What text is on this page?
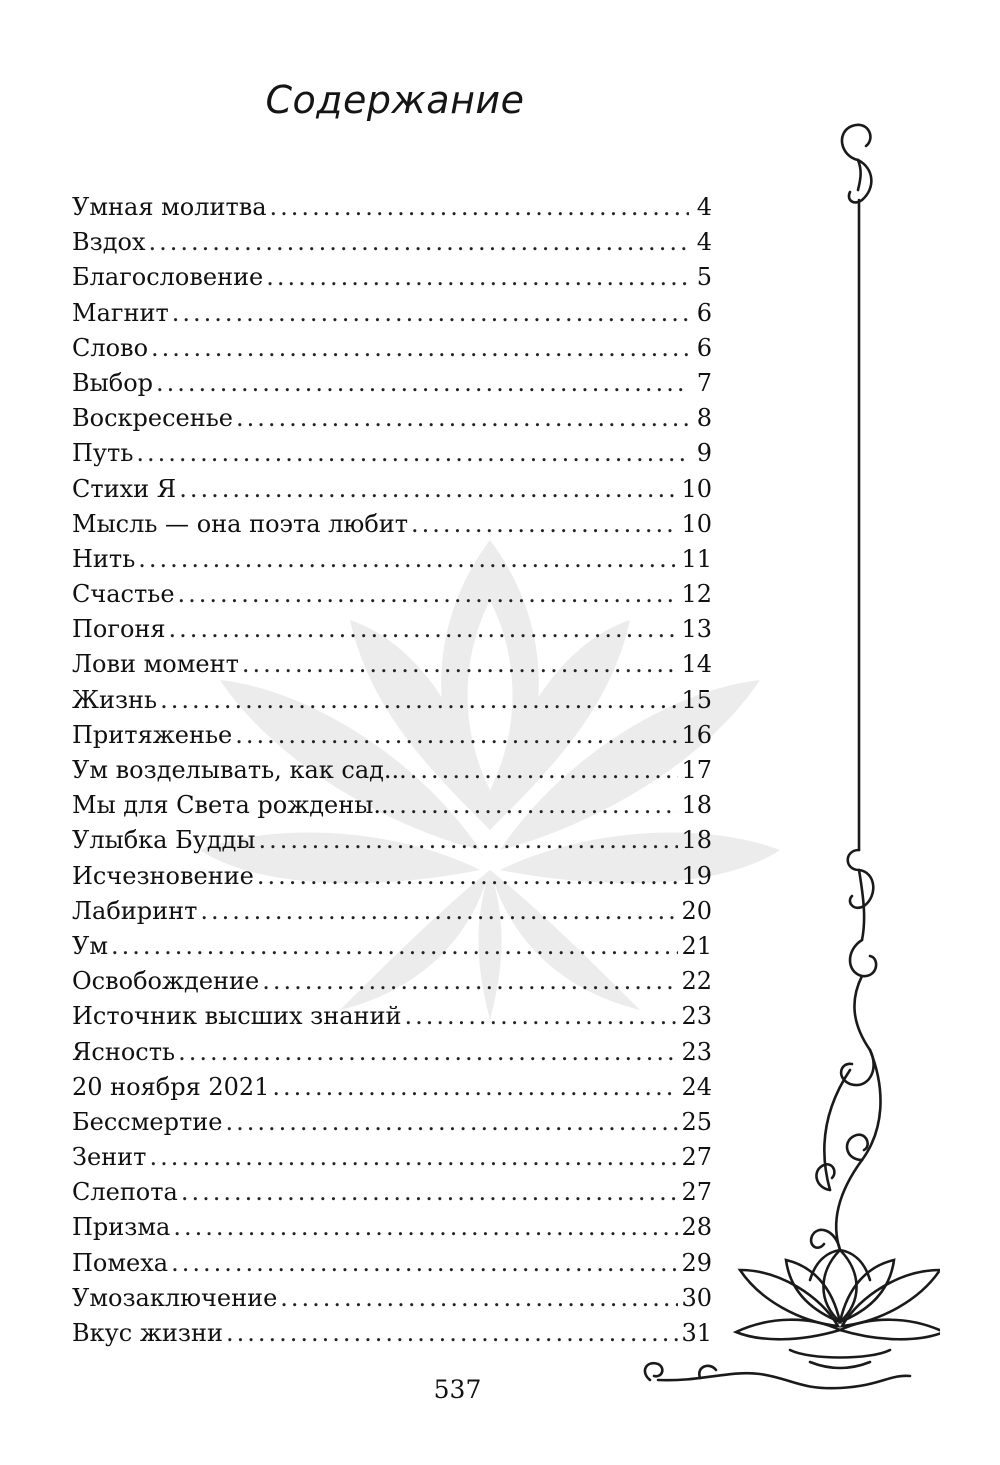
Содержание
Умная молитва .....	4
Вздох .....	4
Благословение .....	5
Магнит .....	6
Слово .....	6
Выбор .....	7
Воскресенье .....	8
Путь .....	9
Стихи Я .....	10
Мысль — она поэта любит .....	10
Нить .....	11
Счастье .....	12
Погоня .....	13
Лови момент .....	14
Жизнь .....	15
Притяженье .....	16
Ум возделывать, как сад... .....	17
Мы для Света рождены... .....	18
Улыбка Будды .....	18
Исчезновение .....	19
Лабиринт .....	20
Ум .....	21
Освобождение .....	22
Источник высших знаний .....	23
Ясность .....	23
20 ноября 2021 .....	24
Бессмертие .....	25
Зенит .....	27
Слепота .....	27
Призма .....	28
Помеха .....	29
Умозаключение .....	30
Вкус жизни .....	31
537
